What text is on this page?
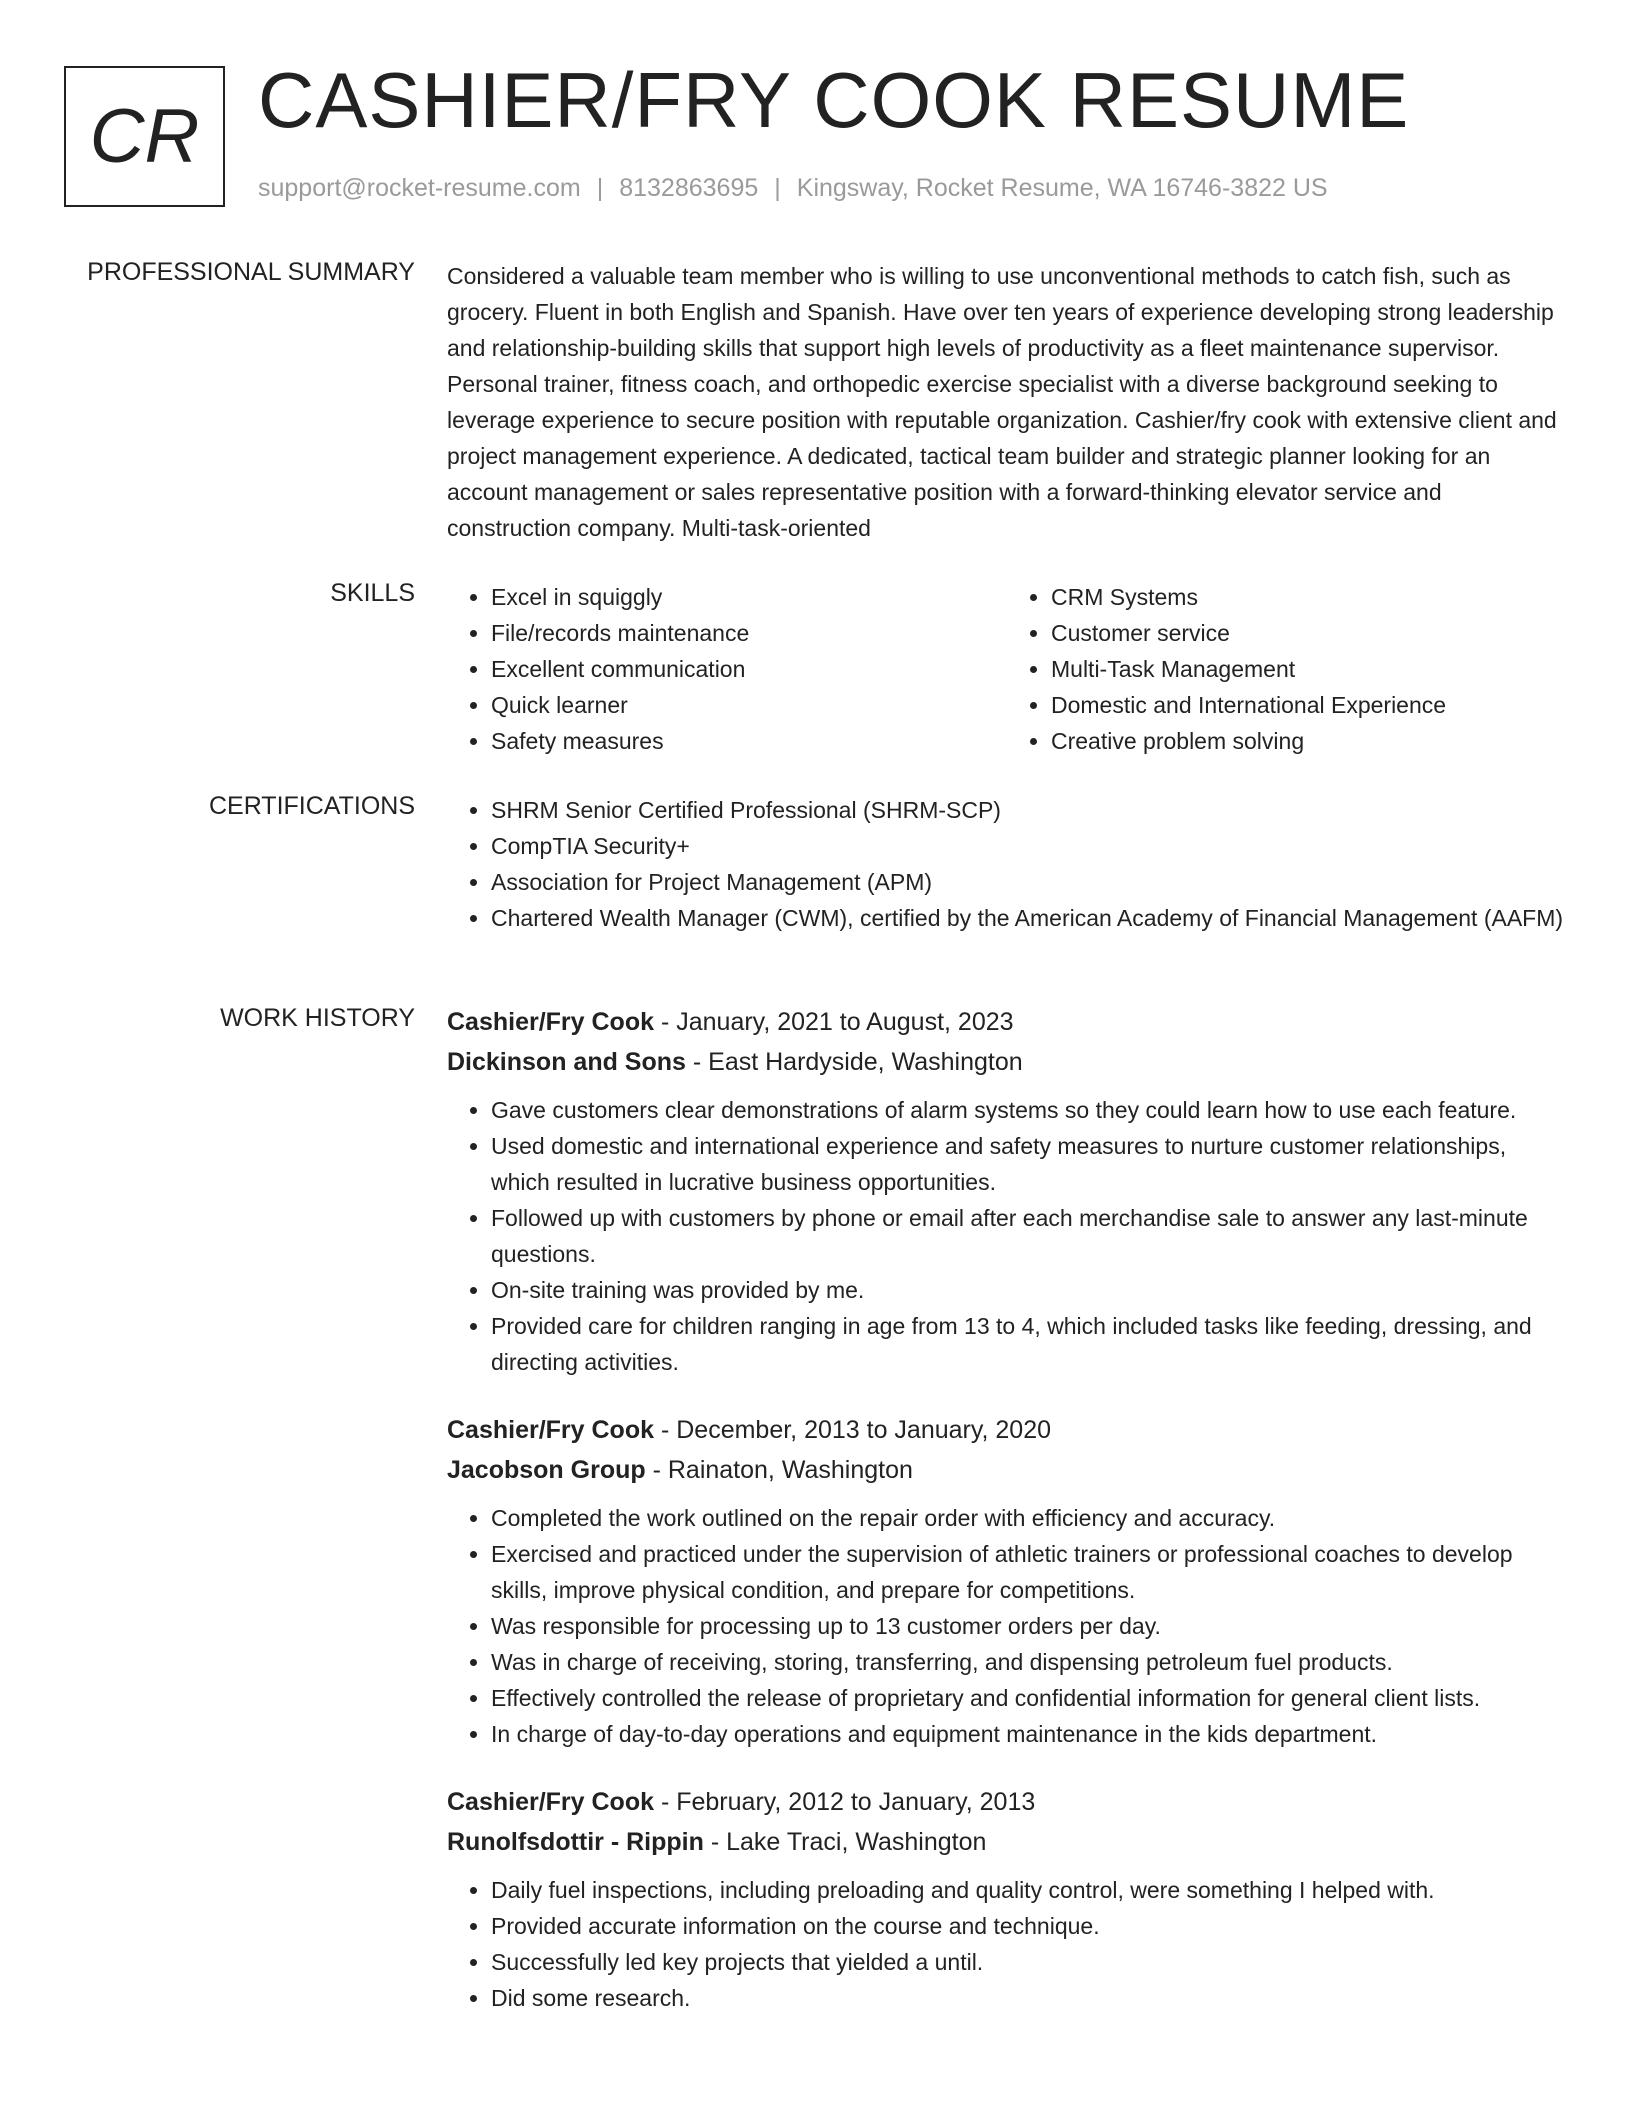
CR CASHIER/FRY COOK RESUME
support@rocket-resume.com | 8132863695 | Kingsway, Rocket Resume, WA 16746-3822 US
PROFESSIONAL SUMMARY Considered a valuable team member who is willing to use unconventional methods to catch fish, such as grocery. Fluent in both English and Spanish. Have over ten years of experience developing strong leadership and relationship-building skills that support high levels of productivity as a fleet maintenance supervisor. Personal trainer, fitness coach, and orthopedic exercise specialist with a diverse background seeking to leverage experience to secure position with reputable organization. Cashier/fry cook with extensive client and project management experience. A dedicated, tactical team builder and strategic planner looking for an account management or sales representative position with a forward-thinking elevator service and construction company. Multi-task-oriented

SKILLS	• Excel in squiggly
• File/records maintenance
• Excellent communication
• Quick learner
• Safety measures
• CRM Systems
• Customer service
• Multi-Task Management
• Domestic and International Experience
• Creative problem solving
CERTIFICATIONS	• SHRM Senior Certified Professional (SHRM-SCP)
• CompTIA Security+
• Association for Project Management (APM)
• Chartered Wealth Manager (CWM), certified by the American Academy of Financial Management (AAFM)
WORK HISTORY Cashier/Fry Cook - January, 2021 to August, 2023
Dickinson and Sons - East Hardyside, Washington
• Gave customers clear demonstrations of alarm systems so they could learn how to use each feature.
• Used domestic and international experience and safety measures to nurture customer relationships, which resulted in lucrative business opportunities.
• Followed up with customers by phone or email after each merchandise sale to answer any last-minute questions.
• On-site training was provided by me.
• Provided care for children ranging in age from 13 to 4, which included tasks like feeding, dressing, and directing activities.
Cashier/Fry Cook - December, 2013 to January, 2020
Jacobson Group - Rainaton, Washington
• Completed the work outlined on the repair order with efficiency and accuracy.
• Exercised and practiced under the supervision of athletic trainers or professional coaches to develop skills, improve physical condition, and prepare for competitions.
• Was responsible for processing up to 13 customer orders per day.
• Was in charge of receiving, storing, transferring, and dispensing petroleum fuel products.
• Effectively controlled the release of proprietary and confidential information for general client lists.
• In charge of day-to-day operations and equipment maintenance in the kids department.
Cashier/Fry Cook - February, 2012 to January, 2013
Runolfsdottir - Rippin - Lake Traci, Washington
• Daily fuel inspections, including preloading and quality control, were something I helped with.
• Provided accurate information on the course and technique.
• Successfully led key projects that yielded a until.
• Did some research.
